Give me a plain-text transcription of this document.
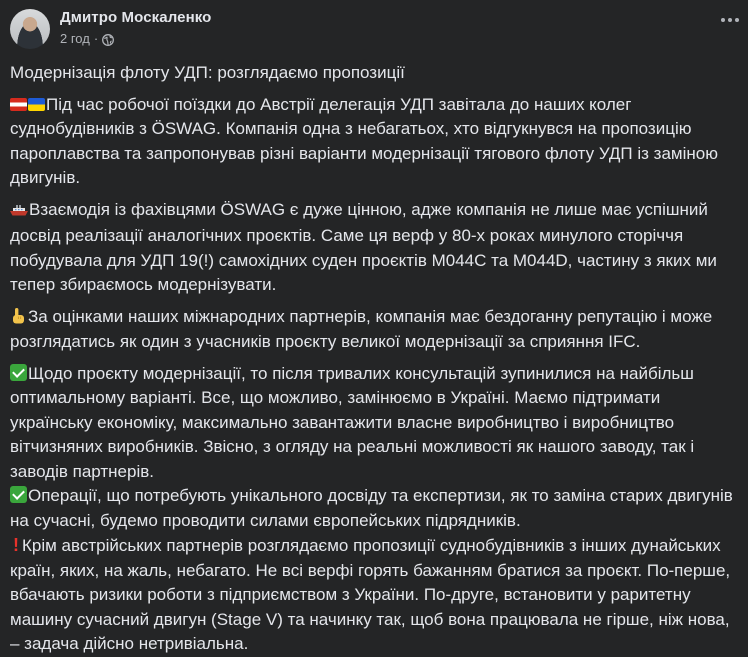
Дмитро Москаленко
2 год ·
Модернізація флоту УДП: розглядаємо пропозиції
Під час робочої поїздки до Австрії делегація УДП завітала до наших колег суднобудівників з ÖSWAG. Компанія одна з небагатьох, хто відгукнувся на пропозицію пароплавства та запропонував різні варіанти модернізації тягового флоту УДП із заміною двигунів.
Взаємодія із фахівцями ÖSWAG є дуже цінною, адже компанія не лише має успішний досвід реалізації аналогічних проєктів. Саме ця верф у 80-х роках минулого сторіччя побудувала для УДП 19(!) самохідних суден проєктів М044С та М044D, частину з яких ми тепер збираємось модернізувати.
За оцінками наших міжнародних партнерів, компанія має бездоганну репутацію і може розглядатись як один з учасників проєкту великої модернізації за сприяння IFC.
Щодо проєкту модернізації, то після тривалих консультацій зупинилися на найбільш оптимальному варіанті. Все, що можливо, замінюємо в Україні. Маємо підтримати українську економіку, максимально завантажити власне виробництво і виробництво вітчизняних виробників. Звісно, з огляду на реальні можливості як нашого заводу, так і заводів партнерів.
Операції, що потребують унікального досвіду та експертизи, як то заміна старих двигунів на сучасні, будемо проводити силами європейських підрядників.
! Крім австрійських партнерів розглядаємо пропозиції суднобудівників з інших дунайських країн, яких, на жаль, небагато. Не всі верфі горять бажанням братися за проєкт. По-перше, вбачають ризики роботи з підприємством з України. По-друге, встановити у раритетну машину сучасний двигун (Stage V) та начинку так, щоб вона працювала не гірше, ніж нова, – задача дійсно нетривіальна.
